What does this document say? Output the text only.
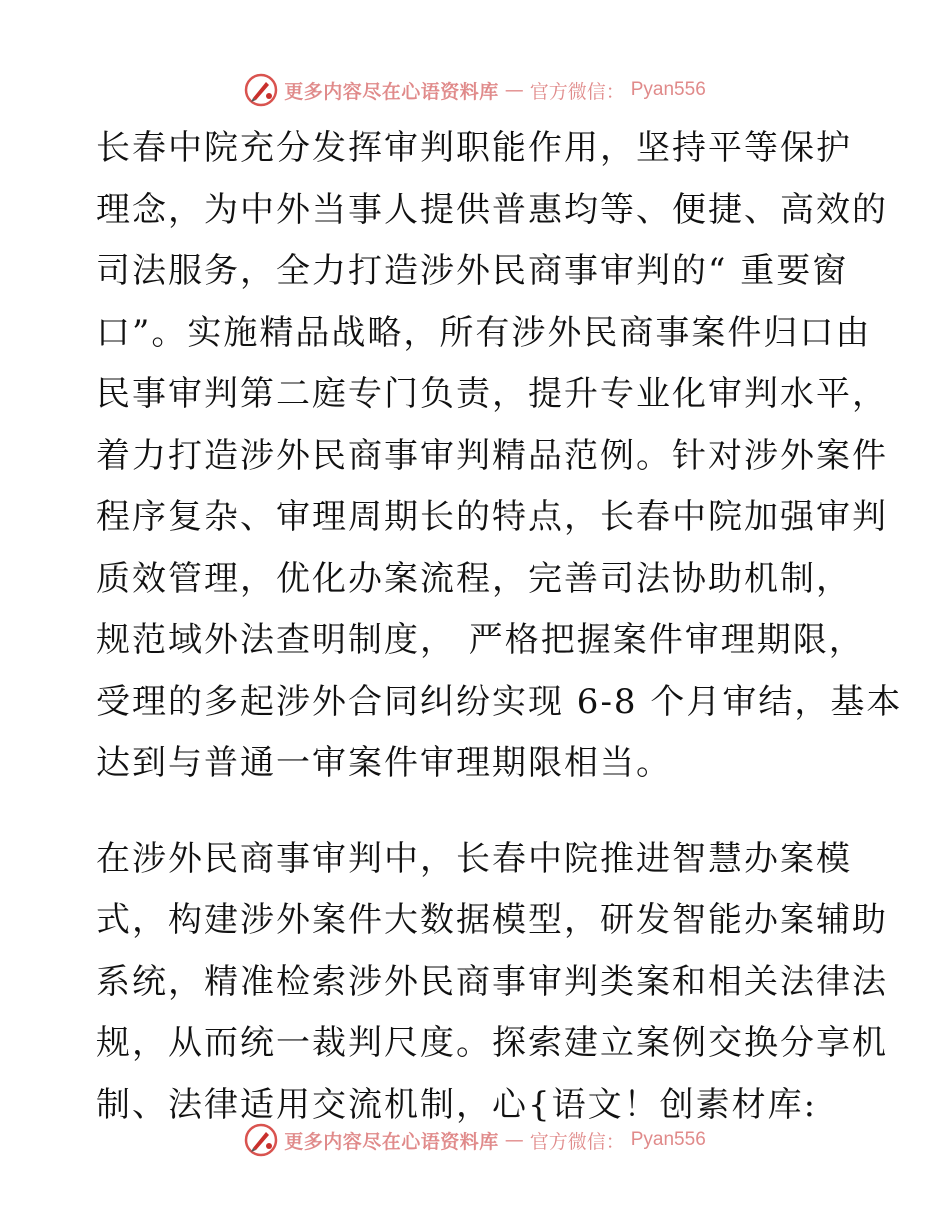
更多内容尽在心语资料库 — 官方微信： Pyan556

长春中院充分发挥审判职能作用，坚持平等保护
理念，为中外当事人提供普惠均等、便捷、高效的
司法服务，全力打造涉外民商事审判的“ 重要窗
口”。实施精品战略，所有涉外民商事案件归口由
民事审判第二庭专门负责，提升专业化审判水平，
着力打造涉外民商事审判精品范例。针对涉外案件
程序复杂、审理周期长的特点，长春中院加强审判
质效管理，优化办案流程，完善司法协助机制，
规范域外法查明制度， 严格把握案件审理期限，
受理的多起涉外合同纠纷实现 6-8 个月审结，基本
达到与普通一审案件审理期限相当。

在涉外民商事审判中，长春中院推进智慧办案模
式，构建涉外案件大数据模型，研发智能办案辅助
系统，精准检索涉外民商事审判类案和相关法律法
规，从而统一裁判尺度。探索建立案例交换分享机
制、法律适用交流机制，心{语文！创素材库:

更多内容尽在心语资料库 — 官方微信： Pyan556
